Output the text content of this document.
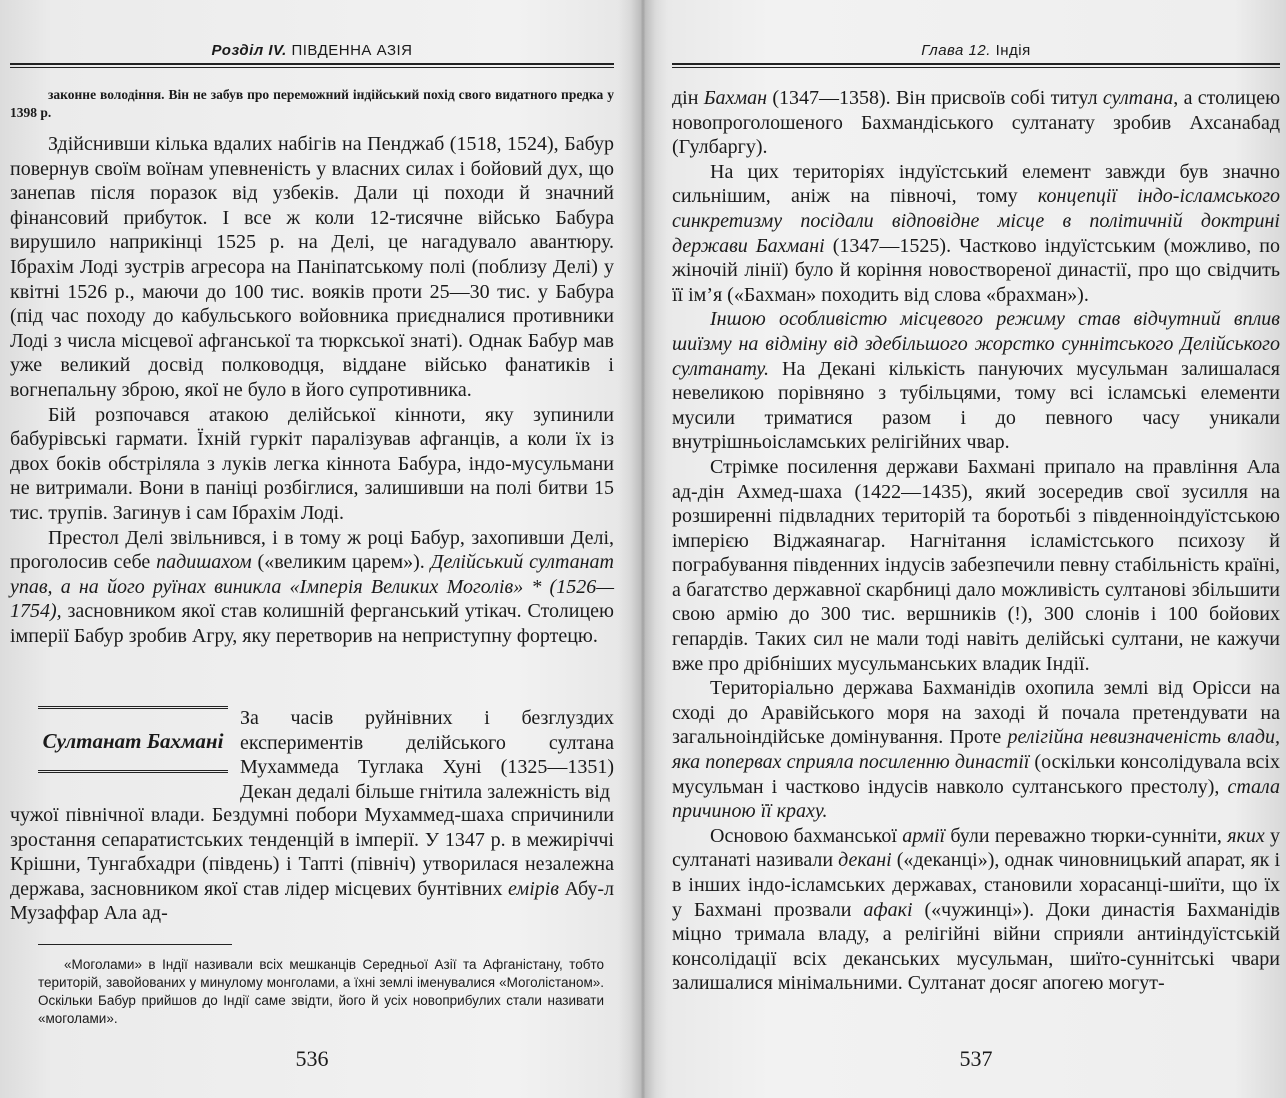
Розділ IV. ПІВДЕННА АЗІЯ

законне володіння. Він не забув про переможний індійський похід свого видатного предка у 1398 р.

Здійснивши кілька вдалих набігів на Пенджаб (1518, 1524), Бабур повернув своїм воїнам упевненість у власних силах і бойовий дух, що занепав після поразок від узбеків. Дали ці походи й значний фінансовий прибуток. І все ж коли 12-тисячне військо Бабура вирушило наприкінці 1525 р. на Делі, це нагадувало авантюру. Ібрахім Лоді зустрів агресора на Паніпатському полі (поблизу Делі) у квітні 1526 р., маючи до 100 тис. вояків проти 25—30 тис. у Бабура (під час походу до кабульського войовника приєдналися противники Лоді з числа місцевої афганської та тюркської знаті). Однак Бабур мав уже великий досвід полководця, віддане військо фанатиків і вогнепальну зброю, якої не було в його супротивника.

Бій розпочався атакою делійської кінноти, яку зупинили бабурівські гармати. Їхній гуркіт паралізував афганців, а коли їх із двох боків обстріляла з луків легка кіннота Бабура, індо-мусульмани не витримали. Вони в паніці розбіглися, залишивши на полі битви 15 тис. трупів. Загинув і сам Ібрахім Лоді.

Престол Делі звільнився, і в тому ж році Бабур, захопивши Делі, проголосив себе падишахом («великим царем»). Делійський султанат упав, а на його руїнах виникла «Імперія Великих Моголів» * (1526—1754), засновником якої став колишній ферганський утікач. Столицею імперії Бабур зробив Агру, яку перетворив на неприступну фортецю.

Султанат Бахмані

За часів руйнівних і безглуздих експериментів делійського султана Мухаммеда Туглака Хуні (1325—1351) Декан дедалі більше гнітила залежність від

чужої північної влади. Бездумні побори Мухаммед-шаха спричинили зростання сепаратистських тенденцій в імперії. У 1347 р. в межиріччі Крішни, Тунгабхадри (південь) і Тапті (північ) утворилася незалежна держава, засновником якої став лідер місцевих бунтівних емірів Абу-л Музаффар Ала ад-

«Моголами» в Індії називали всіх мешканців Середньої Азії та Афганістану, тобто територій, завойованих у минулому монголами, а їхні землі іменувалися «Моголістаном». Оскільки Бабур прийшов до Індії саме звідти, його й усіх новоприбулих стали називати «моголами».

536
Глава 12. Індія

дін Бахман (1347—1358). Він присвоїв собі титул султана, а столицею новопроголошеного Бахмандіського султанату зробив Ахсанабад (Гулбаргу).

На цих територіях індуїстський елемент завжди був значно сильнішим, аніж на півночі, тому концепції індо-ісламського синкретизму посідали відповідне місце в політичній доктрині держави Бахмані (1347—1525). Частково індуїстським (можливо, по жіночій лінії) було й коріння новоствореної династії, про що свідчить її ім’я («Бахман» походить від слова «брахман»).

Іншою особливістю місцевого режиму став відчутний вплив шиїзму на відміну від здебільшого жорстко суннітського Делійського султанату. На Декані кількість пануючих мусульман залишалася невеликою порівняно з тубільцями, тому всі ісламські елементи мусили триматися разом і до певного часу уникали внутрішньоісламських релігійних чвар.

Стрімке посилення держави Бахмані припало на правління Ала ад-дін Ахмед-шаха (1422—1435), який зосередив свої зусилля на розширенні підвладних територій та боротьбі з південноіндуїстською імперією Віджаянагар. Нагнітання ісламістського психозу й пограбування південних індусів забезпечили певну стабільність країні, а багатство державної скарбниці дало можливість султанові збільшити свою армію до 300 тис. вершників (!), 300 слонів і 100 бойових гепардів. Таких сил не мали тоді навіть делійські султани, не кажучи вже про дрібніших мусульманських владик Індії.

Територіально держава Бахманідів охопила землі від Орісси на сході до Аравійського моря на заході й почала претендувати на загальноіндійське домінування. Проте релігійна невизначеність влади, яка попервах сприяла посиленню династії (оскільки консолідувала всіх мусульман і частково індусів навколо султанського престолу), стала причиною її краху.

Основою бахманської армії були переважно тюрки-сунніти, яких у султанаті називали декані («деканці»), однак чиновницький апарат, як і в інших індо-ісламських державах, становили хорасанці-шиїти, що їх у Бахмані прозвали афакі («чужинці»). Доки династія Бахманідів міцно тримала владу, а релігійні війни сприяли антиіндуїстській консолідації всіх деканських мусульман, шиїто-суннітські чвари залишалися мінімальними. Султанат досяг апогею могут-

537
